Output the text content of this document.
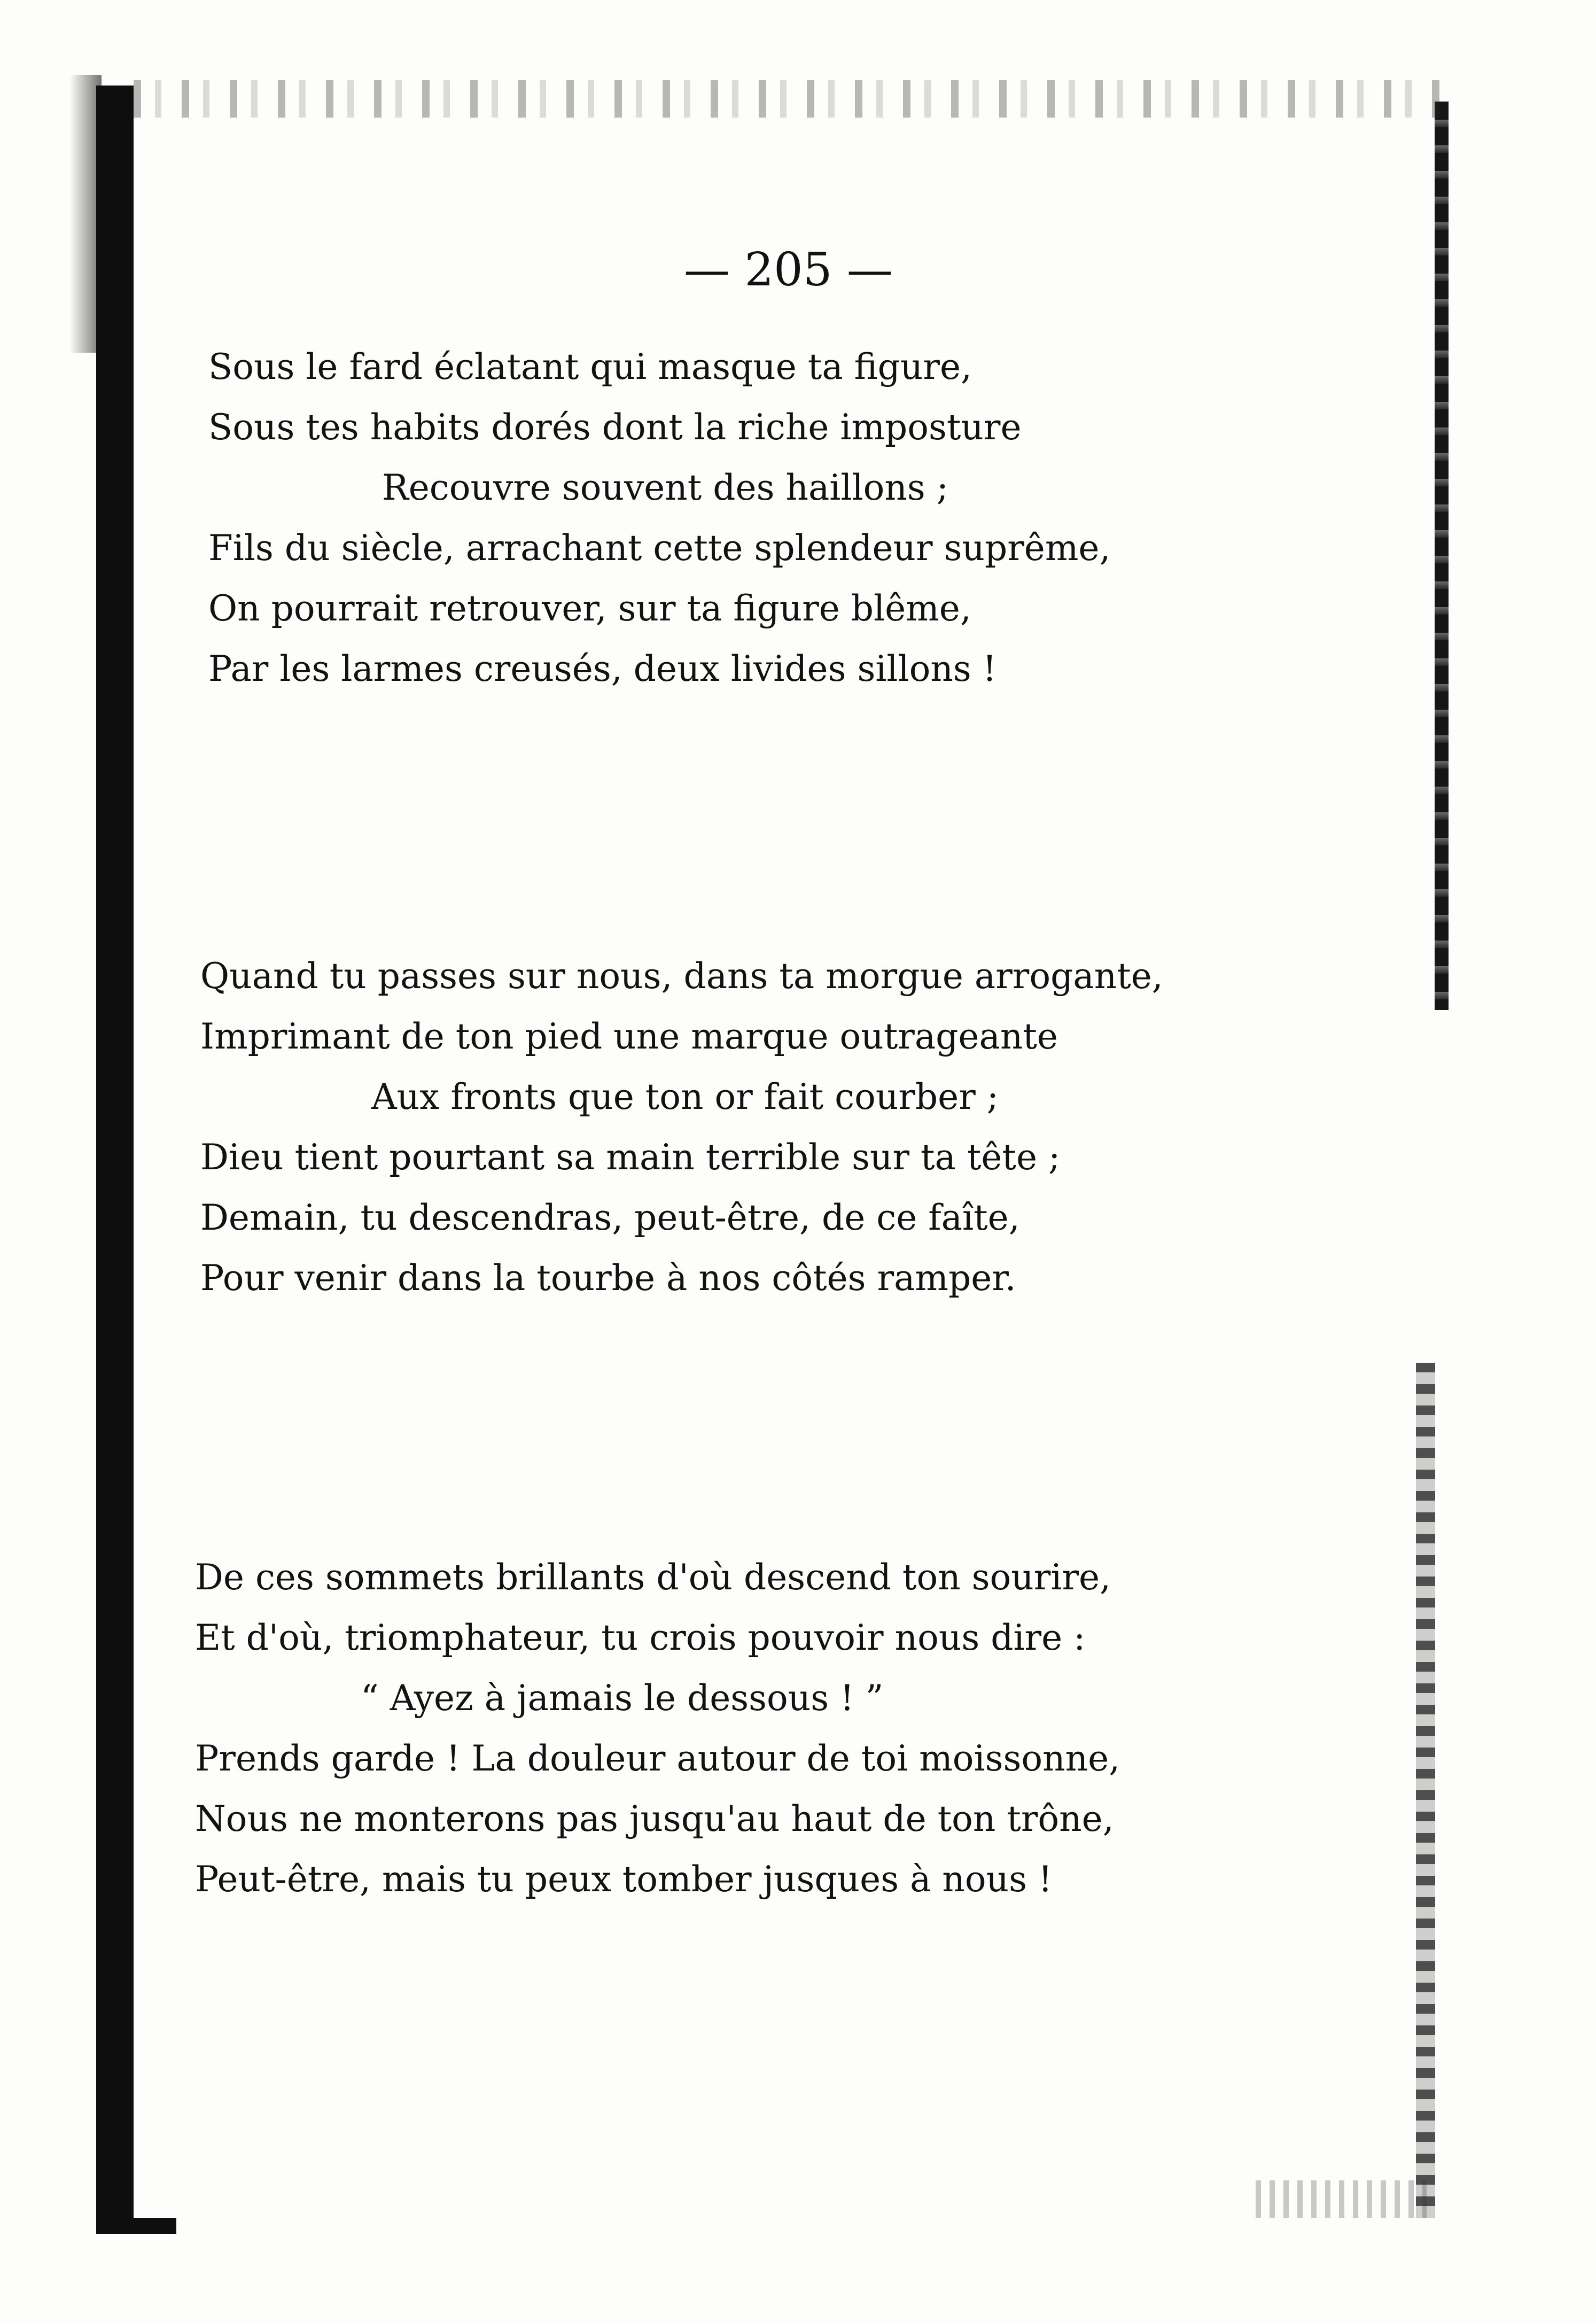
— 205 —
Sous le fard éclatant qui masque ta figure,
Sous tes habits dorés dont la riche imposture
Recouvre souvent des haillons ;
Fils du siècle, arrachant cette splendeur suprême,
On pourrait retrouver, sur ta figure blême,
Par les larmes creusés, deux livides sillons !
Quand tu passes sur nous, dans ta morgue arrogante,
Imprimant de ton pied une marque outrageante
Aux fronts que ton or fait courber ;
Dieu tient pourtant sa main terrible sur ta tête ;
Demain, tu descendras, peut-être, de ce faîte,
Pour venir dans la tourbe à nos côtés ramper.
De ces sommets brillants d'où descend ton sourire,
Et d'où, triomphateur, tu crois pouvoir nous dire :
“ Ayez à jamais le dessous ! ”
Prends garde ! La douleur autour de toi moissonne,
Nous ne monterons pas jusqu'au haut de ton trône,
Peut-être, mais tu peux tomber jusques à nous !
